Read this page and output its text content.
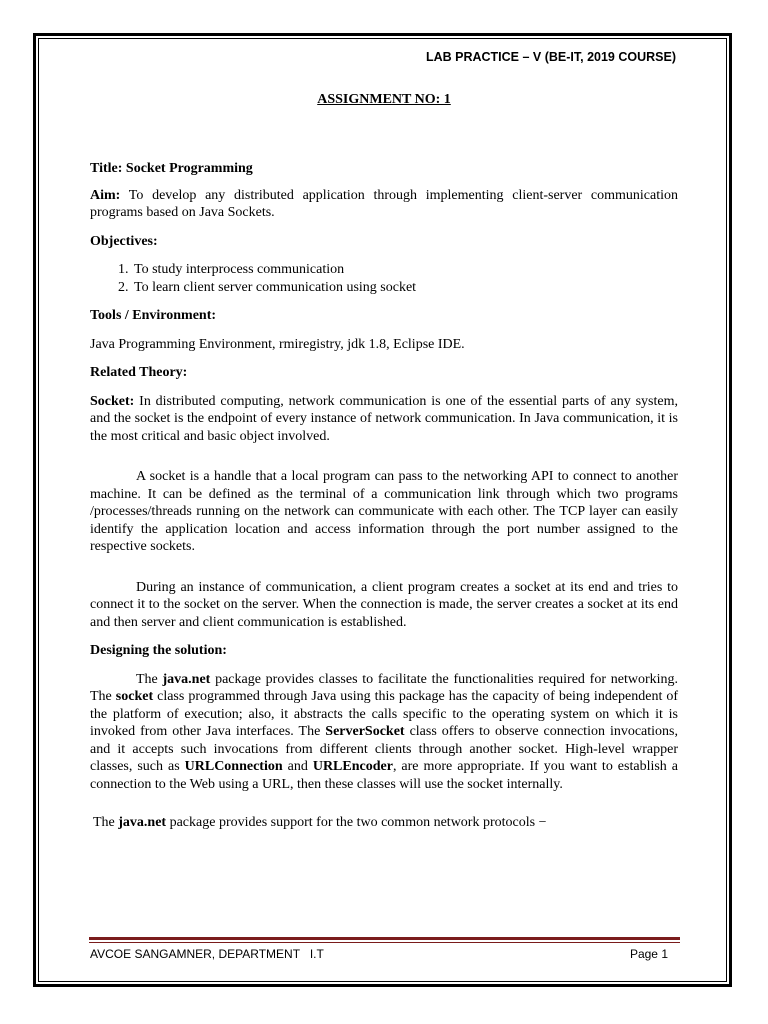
LAB PRACTICE – V (BE-IT, 2019 COURSE)
ASSIGNMENT NO: 1

Title: Socket Programming

Aim: To develop any distributed application through implementing client-server communication programs based on Java Sockets.

Objectives:

1. To study interprocess communication
2. To learn client server communication using socket

Tools / Environment:

Java Programming Environment, rmiregistry, jdk 1.8, Eclipse IDE.

Related Theory:

Socket: In distributed computing, network communication is one of the essential parts of any system, and the socket is the endpoint of every instance of network communication. In Java communication, it is the most critical and basic object involved.

A socket is a handle that a local program can pass to the networking API to connect to another machine. It can be defined as the terminal of a communication link through which two programs /processes/threads running on the network can communicate with each other. The TCP layer can easily identify the application location and access information through the port number assigned to the respective sockets.

During an instance of communication, a client program creates a socket at its end and tries to connect it to the socket on the server. When the connection is made, the server creates a socket at its end and then server and client communication is established.

Designing the solution:

The java.net package provides classes to facilitate the functionalities required for networking. The socket class programmed through Java using this package has the capacity of being independent of the platform of execution; also, it abstracts the calls specific to the operating system on which it is invoked from other Java interfaces. The ServerSocket class offers to observe connection invocations, and it accepts such invocations from different clients through another socket. High-level wrapper classes, such as URLConnection and URLEncoder, are more appropriate. If you want to establish a connection to the Web using a URL, then these classes will use the socket internally.

The java.net package provides support for the two common network protocols −

AVCOE SANGAMNER, DEPARTMENT   I.T	Page 1
